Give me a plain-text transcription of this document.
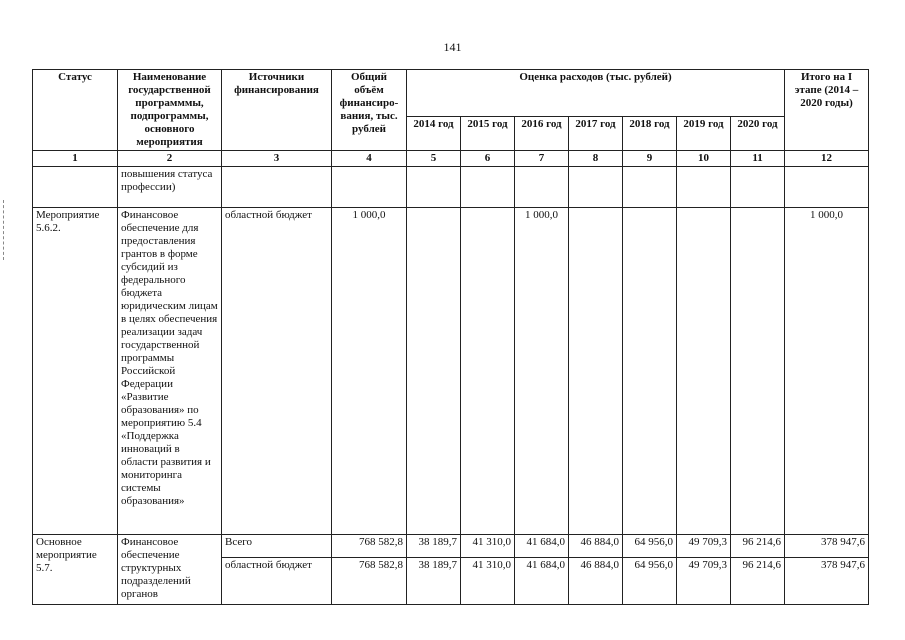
141
Статус	Наименование государственной программмы, подпрограммы, основного мероприятия	Источники финансирования	Общий объём финансиро-вания, тыс. рублей	Оценка расходов (тыс. рублей)							Итого на I этапе (2014 – 2020 годы)
				2014 год	2015 год	2016 год	2017 год	2018 год	2019 год	2020 год	
1	2	3	4	5	6	7	8	9	10	11	12
	повышения статуса профессии)										
Мероприятие 5.6.2.	Финансовое обеспечение для предоставления грантов в форме субсидий из федерального бюджета юридическим лицам в целях обеспечения реализации задач государственной программы Российской Федерации «Развитие образования» по мероприятию 5.4 «Поддержка инноваций в области развития и мониторинга системы образования»	областной бюджет	1 000,0			1 000,0					1 000,0
Основное мероприятие 5.7.	Финансовое обеспечение структурных подразделений органов	Всего	768 582,8	38 189,7	41 310,0	41 684,0	46 884,0	64 956,0	49 709,3	96 214,6	378 947,6
		областной бюджет	768 582,8	38 189,7	41 310,0	41 684,0	46 884,0	64 956,0	49 709,3	96 214,6	378 947,6
